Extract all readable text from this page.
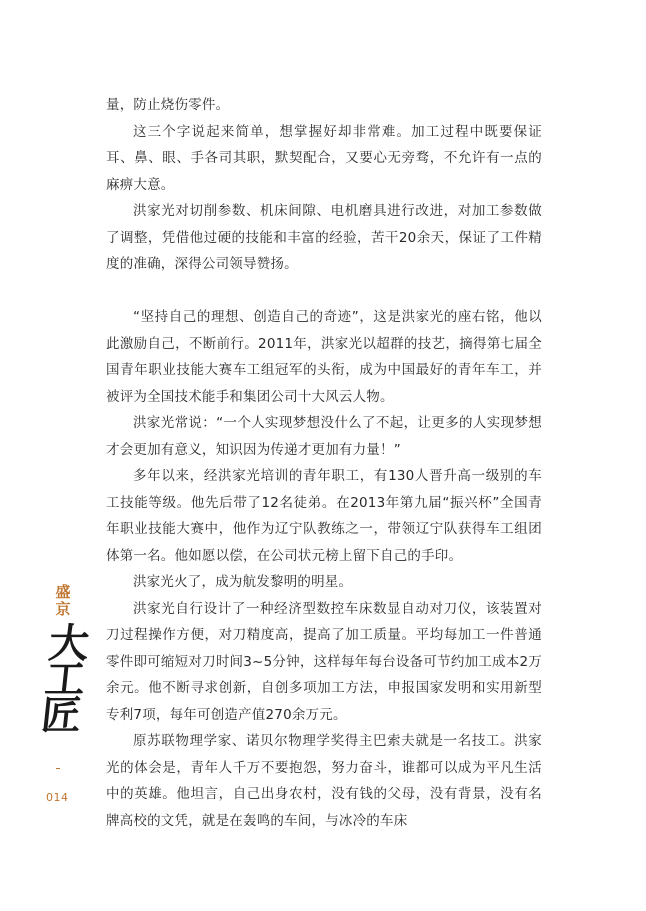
量，防止烧伤零件。

这三个字说起来简单，想掌握好却非常难。加工过程中既要保证耳、鼻、眼、手各司其职，默契配合，又要心无旁骛，不允许有一点的麻痹大意。

洪家光对切削参数、机床间隙、电机磨具进行改进，对加工参数做了调整，凭借他过硬的技能和丰富的经验，苦干20余天，保证了工件精度的准确，深得公司领导赞扬。

“坚持自己的理想、创造自己的奇迹”，这是洪家光的座右铭，他以此激励自己，不断前行。2011年，洪家光以超群的技艺，摘得第七届全国青年职业技能大赛车工组冠军的头衔，成为中国最好的青年车工，并被评为全国技术能手和集团公司十大风云人物。

洪家光常说：“一个人实现梦想没什么了不起，让更多的人实现梦想才会更加有意义，知识因为传递才更加有力量！”

多年以来，经洪家光培训的青年职工，有130人晋升高一级别的车工技能等级。他先后带了12名徒弟。在2013年第九届“振兴杯”全国青年职业技能大赛中，他作为辽宁队教练之一，带领辽宁队获得车工组团体第一名。他如愿以偿，在公司状元榜上留下自己的手印。

洪家光火了，成为航发黎明的明星。

洪家光自行设计了一种经济型数控车床数显自动对刀仪，该装置对刀过程操作方便，对刀精度高，提高了加工质量。平均每加工一件普通零件即可缩短对刀时间3~5分钟，这样每年每台设备可节约加工成本2万余元。他不断寻求创新，自创多项加工方法，申报国家发明和实用新型专利7项，每年可创造产值270余万元。

原苏联物理学家、诺贝尔物理学奖得主巴索夫就是一名技工。洪家光的体会是，青年人千万不要抱怨，努力奋斗，谁都可以成为平凡生活中的英雄。他坦言，自己出身农村，没有钱的父母，没有背景，没有名牌高校的文凭，就是在轰鸣的车间，与冰冷的车床

盛京
大工匠
014
